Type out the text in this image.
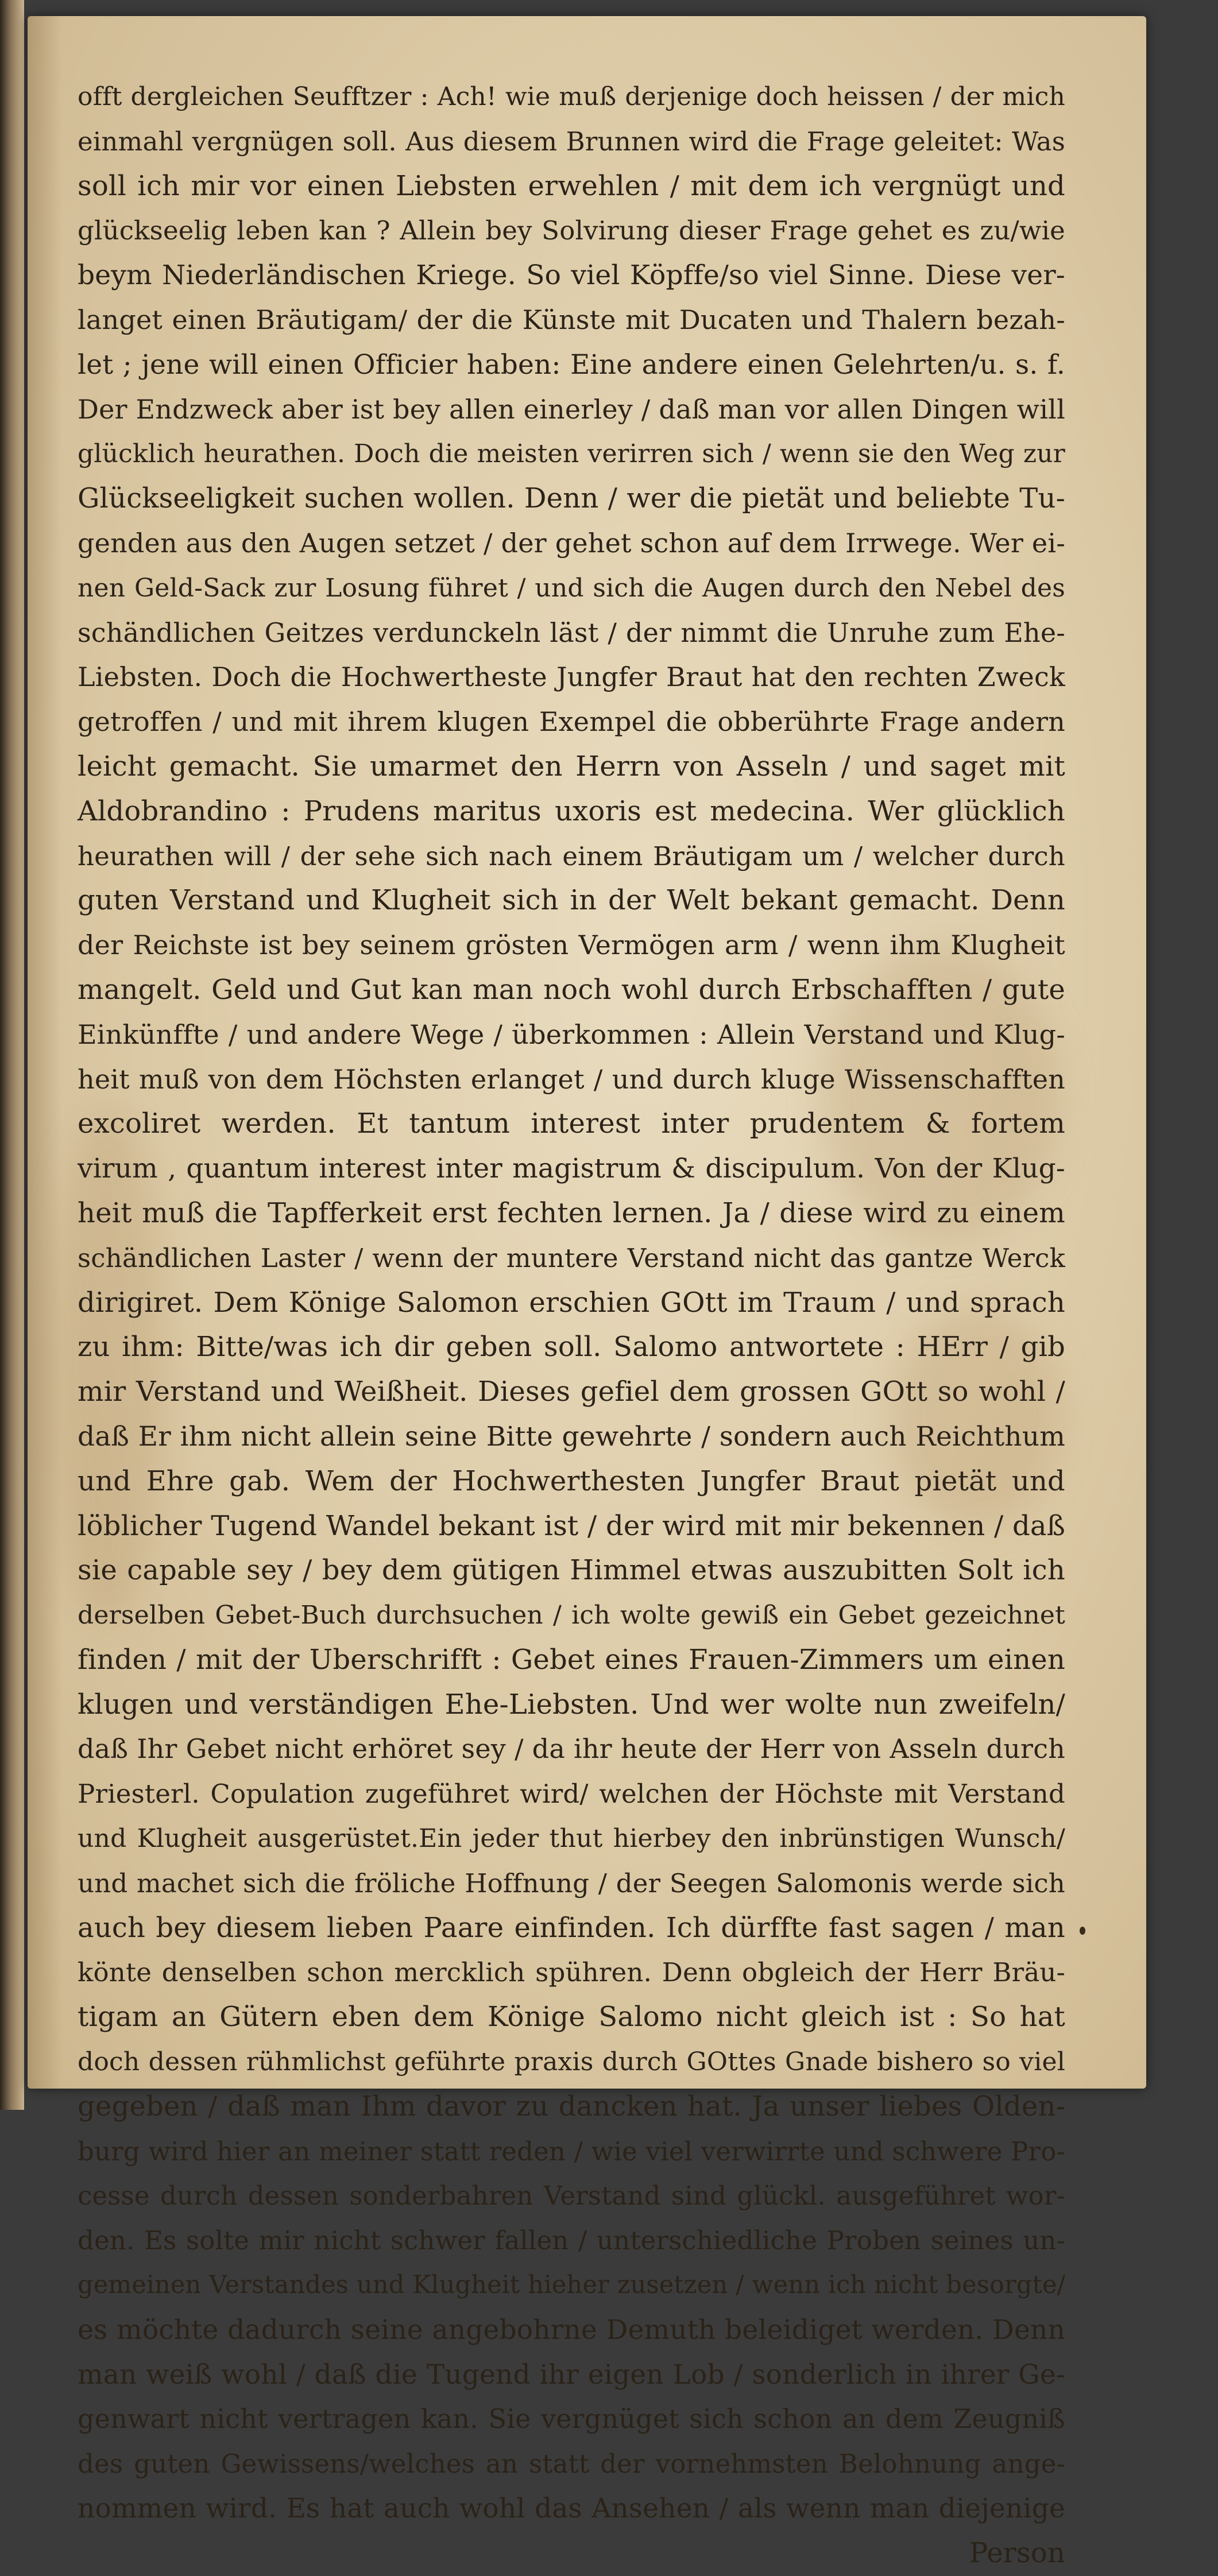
offt dergleichen Seufftzer : Ach! wie muß derjenige doch heissen / der mich
einmahl vergnügen soll. Aus diesem Brunnen wird die Frage geleitet: Was
soll ich mir vor einen Liebsten erwehlen / mit dem ich vergnügt und
glückseelig leben kan ? Allein bey Solvirung dieser Frage gehet es zu/wie
beym Niederländischen Kriege. So viel Köpffe/so viel Sinne. Diese ver-
langet einen Bräutigam/ der die Künste mit Ducaten und Thalern bezah-
let ; jene will einen Officier haben: Eine andere einen Gelehrten/u. s. f.
Der Endzweck aber ist bey allen einerley / daß man vor allen Dingen will
glücklich heurathen. Doch die meisten verirren sich / wenn sie den Weg zur
Glückseeligkeit suchen wollen. Denn / wer die pietät und beliebte Tu-
genden aus den Augen setzet / der gehet schon auf dem Irrwege. Wer ei-
nen Geld-Sack zur Losung führet / und sich die Augen durch den Nebel des
schändlichen Geitzes verdunckeln läst / der nimmt die Unruhe zum Ehe-
Liebsten. Doch die Hochwertheste Jungfer Braut hat den rechten Zweck
getroffen / und mit ihrem klugen Exempel die obberührte Frage andern
leicht gemacht. Sie umarmet den Herrn von Asseln / und saget mit
Aldobrandino : Prudens maritus uxoris est medecina. Wer glücklich
heurathen will / der sehe sich nach einem Bräutigam um / welcher durch
guten Verstand und Klugheit sich in der Welt bekant gemacht. Denn
der Reichste ist bey seinem grösten Vermögen arm / wenn ihm Klugheit
mangelt. Geld und Gut kan man noch wohl durch Erbschafften / gute
Einkünffte / und andere Wege / überkommen : Allein Verstand und Klug-
heit muß von dem Höchsten erlanget / und durch kluge Wissenschafften
excoliret werden. Et tantum interest inter prudentem & fortem
virum , quantum interest inter magistrum & discipulum. Von der Klug-
heit muß die Tapfferkeit erst fechten lernen. Ja / diese wird zu einem
schändlichen Laster / wenn der muntere Verstand nicht das gantze Werck
dirigiret. Dem Könige Salomon erschien GOtt im Traum / und sprach
zu ihm: Bitte/was ich dir geben soll. Salomo antwortete : HErr / gib
mir Verstand und Weißheit. Dieses gefiel dem grossen GOtt so wohl /
daß Er ihm nicht allein seine Bitte gewehrte / sondern auch Reichthum
und Ehre gab. Wem der Hochwerthesten Jungfer Braut pietät und
löblicher Tugend Wandel bekant ist / der wird mit mir bekennen / daß
sie capable sey / bey dem gütigen Himmel etwas auszubitten Solt ich
derselben Gebet-Buch durchsuchen / ich wolte gewiß ein Gebet gezeichnet
finden / mit der Uberschrifft : Gebet eines Frauen-Zimmers um einen
klugen und verständigen Ehe-Liebsten. Und wer wolte nun zweifeln/
daß Ihr Gebet nicht erhöret sey / da ihr heute der Herr von Asseln durch
Priesterl. Copulation zugeführet wird/ welchen der Höchste mit Verstand
und Klugheit ausgerüstet.Ein jeder thut hierbey den inbrünstigen Wunsch/
und machet sich die fröliche Hoffnung / der Seegen Salomonis werde sich
auch bey diesem lieben Paare einfinden. Ich dürffte fast sagen / man
könte denselben schon mercklich spühren. Denn obgleich der Herr Bräu-
tigam an Gütern eben dem Könige Salomo nicht gleich ist : So hat
doch dessen rühmlichst geführte praxis durch GOttes Gnade bishero so viel
gegeben / daß man Ihm davor zu dancken hat. Ja unser liebes Olden-
burg wird hier an meiner statt reden / wie viel verwirrte und schwere Pro-
cesse durch dessen sonderbahren Verstand sind glückl. ausgeführet wor-
den. Es solte mir nicht schwer fallen / unterschiedliche Proben seines un-
gemeinen Verstandes und Klugheit hieher zusetzen / wenn ich nicht besorgte/
es möchte dadurch seine angebohrne Demuth beleidiget werden. Denn
man weiß wohl / daß die Tugend ihr eigen Lob / sonderlich in ihrer Ge-
genwart nicht vertragen kan. Sie vergnüget sich schon an dem Zeugniß
des guten Gewissens/welches an statt der vornehmsten Belohnung ange-
nommen wird. Es hat auch wohl das Ansehen / als wenn man diejenige
Person
